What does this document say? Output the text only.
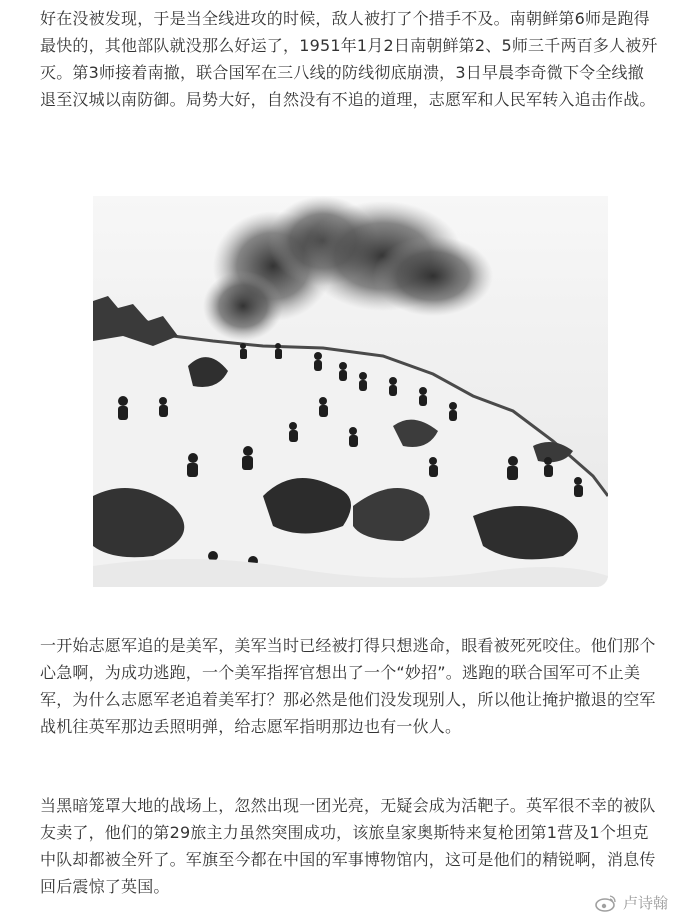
好在没被发现，于是当全线进攻的时候，敌人被打了个措手不及。南朝鲜第6师是跑得最快的，其他部队就没那么好运了，1951年1月2日南朝鲜第2、5师三千两百多人被歼灭。第3师接着南撤，联合国军在三八线的防线彻底崩溃，3日早晨李奇微下令全线撤退至汉城以南防御。局势大好，自然没有不追的道理，志愿军和人民军转入追击作战。

一开始志愿军追的是美军，美军当时已经被打得只想逃命，眼看被死死咬住。他们那个心急啊，为成功逃跑，一个美军指挥官想出了一个“妙招”。逃跑的联合国军可不止美军，为什么志愿军老追着美军打？那必然是他们没发现别人，所以他让掩护撤退的空军战机往英军那边丢照明弹，给志愿军指明那边也有一伙人。

当黑暗笼罩大地的战场上，忽然出现一团光亮，无疑会成为活靶子。英军很不幸的被队友卖了，他们的第29旅主力虽然突围成功，该旅皇家奥斯特来复枪团第1营及1个坦克中队却都被全歼了。军旗至今都在中国的军事博物馆内，这可是他们的精锐啊，消息传回后震惊了英国。

卢诗翰
